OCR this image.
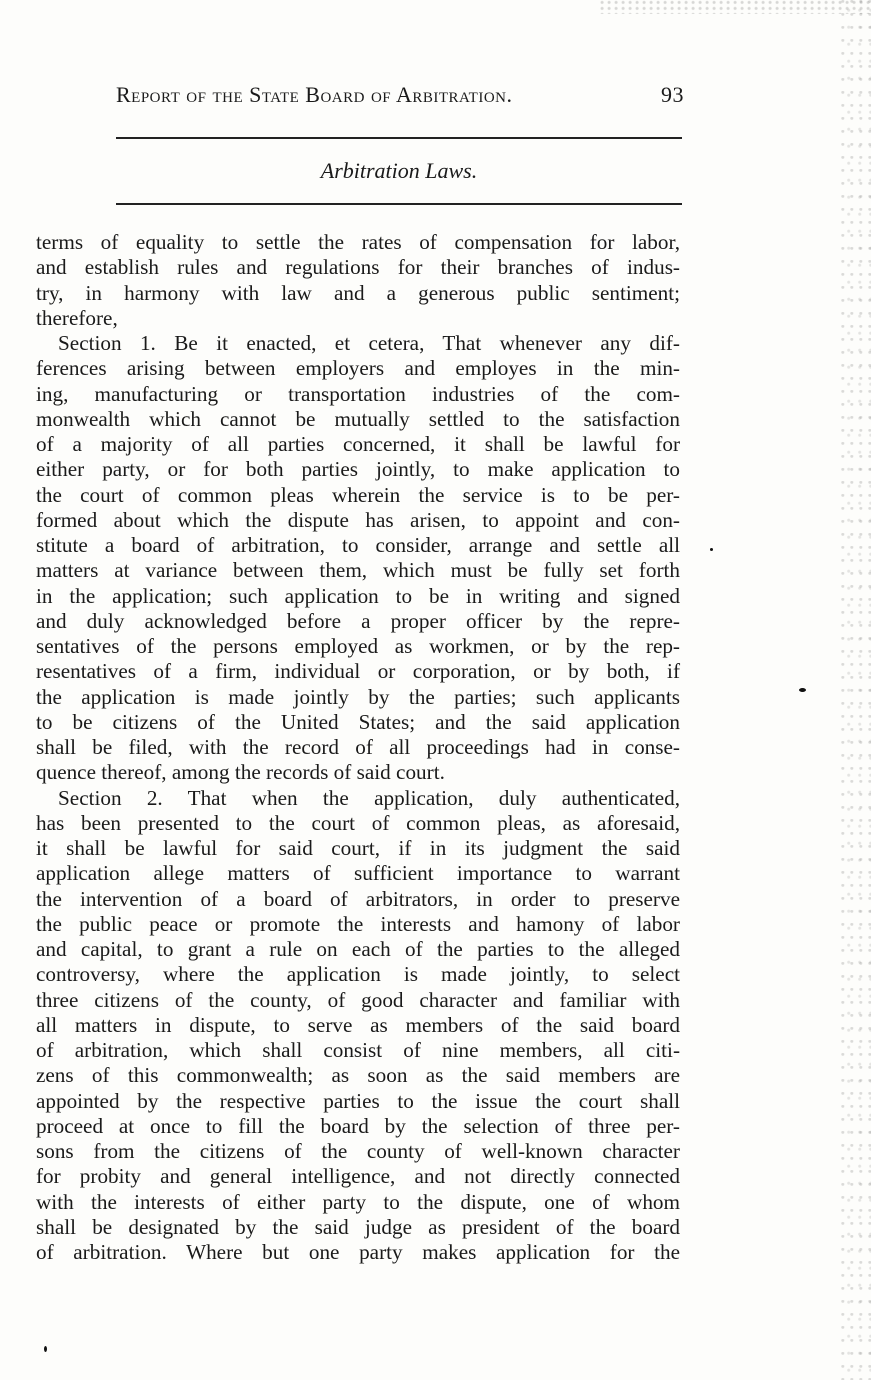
Report of the State Board of Arbitration.	93
Arbitration Laws.
terms of equality to settle the rates of compensation for labor,
and establish rules and regulations for their branches of indus-
try, in harmony with law and a generous public sentiment;
therefore,
Section 1. Be it enacted, et cetera, That whenever any dif-
ferences arising between employers and employes in the min-
ing, manufacturing or transportation industries of the com-
monwealth which cannot be mutually settled to the satisfaction
of a majority of all parties concerned, it shall be lawful for
either party, or for both parties jointly, to make application to
the court of common pleas wherein the service is to be per-
formed about which the dispute has arisen, to appoint and con-
stitute a board of arbitration, to consider, arrange and settle all
matters at variance between them, which must be fully set forth
in the application; such application to be in writing and signed
and duly acknowledged before a proper officer by the repre-
sentatives of the persons employed as workmen, or by the rep-
resentatives of a firm, individual or corporation, or by both, if
the application is made jointly by the parties; such applicants
to be citizens of the United States; and the said application
shall be filed, with the record of all proceedings had in conse-
quence thereof, among the records of said court.
Section 2. That when the application, duly authenticated,
has been presented to the court of common pleas, as aforesaid,
it shall be lawful for said court, if in its judgment the said
application allege matters of sufficient importance to warrant
the intervention of a board of arbitrators, in order to preserve
the public peace or promote the interests and hamony of labor
and capital, to grant a rule on each of the parties to the alleged
controversy, where the application is made jointly, to select
three citizens of the county, of good character and familiar with
all matters in dispute, to serve as members of the said board
of arbitration, which shall consist of nine members, all citi-
zens of this commonwealth; as soon as the said members are
appointed by the respective parties to the issue the court shall
proceed at once to fill the board by the selection of three per-
sons from the citizens of the county of well-known character
for probity and general intelligence, and not directly connected
with the interests of either party to the dispute, one of whom
shall be designated by the said judge as president of the board
of arbitration. Where but one party makes application for the
